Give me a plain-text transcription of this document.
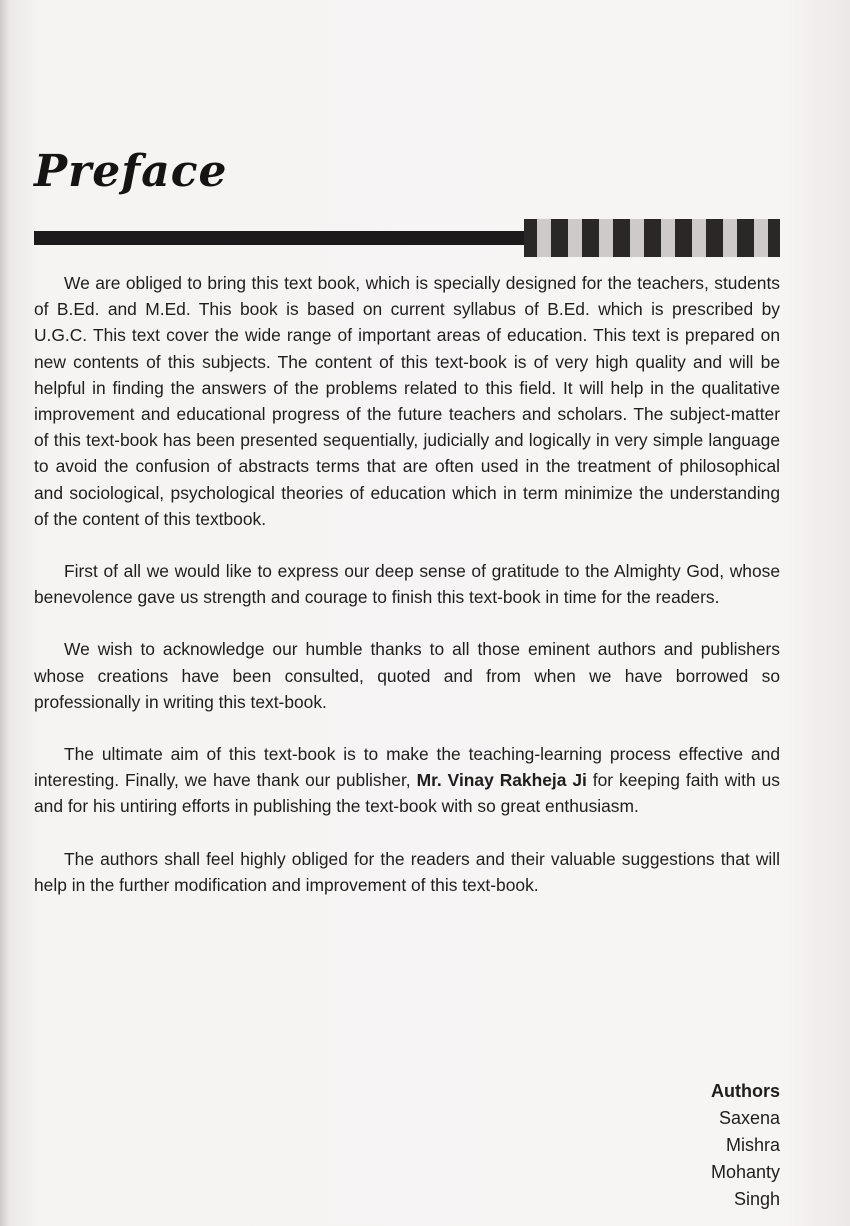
Preface

We are obliged to bring this text book, which is specially designed for the teachers, students of B.Ed. and M.Ed. This book is based on current syllabus of B.Ed. which is prescribed by U.G.C. This text cover the wide range of important areas of education. This text is prepared on new contents of this subjects. The content of this text-book is of very high quality and will be helpful in finding the answers of the problems related to this field. It will help in the qualitative improvement and educational progress of the future teachers and scholars. The subject-matter of this text-book has been presented sequentially, judicially and logically in very simple language to avoid the confusion of abstracts terms that are often used in the treatment of philosophical and sociological, psychological theories of education which in term minimize the understanding of the content of this textbook.

First of all we would like to express our deep sense of gratitude to the Almighty God, whose benevolence gave us strength and courage to finish this text-book in time for the readers.

We wish to acknowledge our humble thanks to all those eminent authors and publishers whose creations have been consulted, quoted and from when we have borrowed so professionally in writing this text-book.

The ultimate aim of this text-book is to make the teaching-learning process effective and interesting. Finally, we have thank our publisher, Mr. Vinay Rakheja Ji for keeping faith with us and for his untiring efforts in publishing the text-book with so great enthusiasm.

The authors shall feel highly obliged for the readers and their valuable suggestions that will help in the further modification and improvement of this text-book.

Authors
Saxena
Mishra
Mohanty
Singh
